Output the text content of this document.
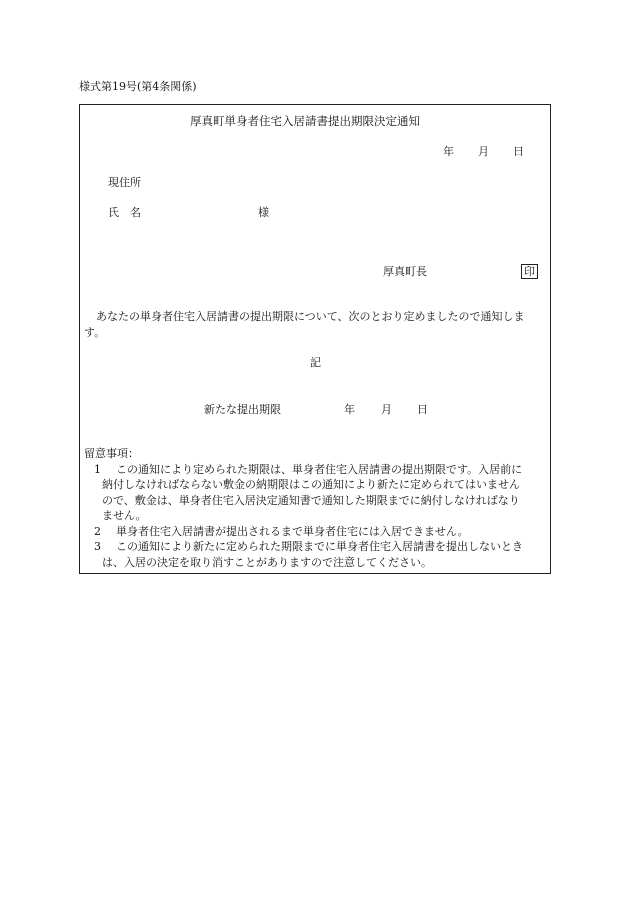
様式第19号(第4条関係)
厚真町単身者住宅入居請書提出期限決定通知
年 月 日
現住所
氏　名	様
厚真町長	印
あなたの単身者住宅入居請書の提出期限について、次のとおり定めましたので通知しま
す。
記
新たな提出期限	年 月 日
留意事項：
1	この通知により定められた期限は、単身者住宅入居請書の提出期限です。入居前に
納付しなければならない敷金の納期限はこの通知により新たに定められてはいません
ので、敷金は、単身者住宅入居決定通知書で通知した期限までに納付しなければなり
ません。
2	単身者住宅入居請書が提出されるまで単身者住宅には入居できません。
3	この通知により新たに定められた期限までに単身者住宅入居請書を提出しないとき
は、入居の決定を取り消すことがありますので注意してください。
